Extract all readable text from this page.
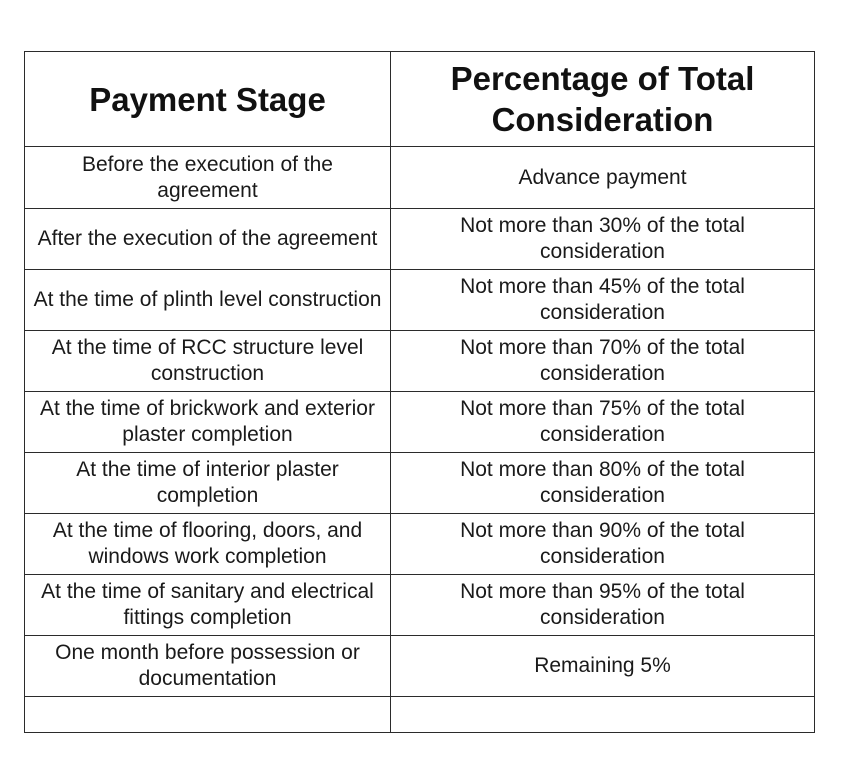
Payment Stage	Percentage of Total Consideration
Before the execution of the agreement	Advance payment
After the execution of the agreement	Not more than 30% of the total consideration
At the time of plinth level construction	Not more than 45% of the total consideration
At the time of RCC structure level construction	Not more than 70% of the total consideration
At the time of brickwork and exterior plaster completion	Not more than 75% of the total consideration
At the time of interior plaster completion	Not more than 80% of the total consideration
At the time of flooring, doors, and windows work completion	Not more than 90% of the total consideration
At the time of sanitary and electrical fittings completion	Not more than 95% of the total consideration
One month before possession or documentation	Remaining 5%
